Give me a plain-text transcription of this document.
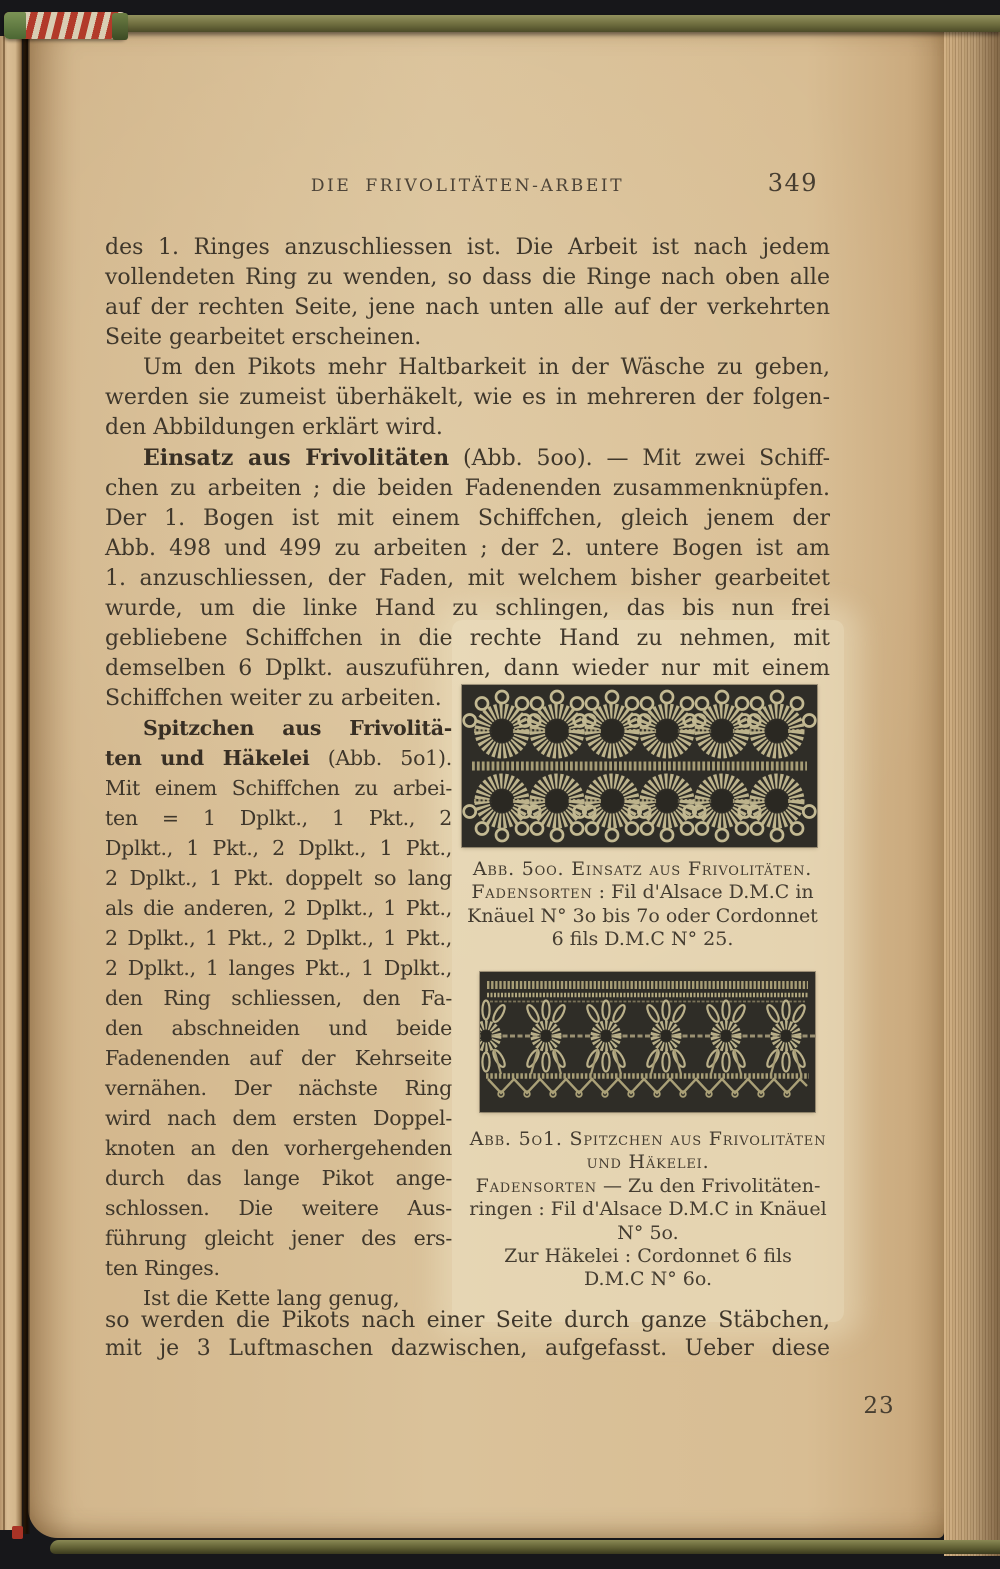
DIE FRIVOLITÄTEN-ARBEIT	349
des 1. Ringes anzuschliessen ist. Die Arbeit ist nach jedem
vollendeten Ring zu wenden, so dass die Ringe nach oben alle
auf der rechten Seite, jene nach unten alle auf der verkehrten
Seite gearbeitet erscheinen.
Um den Pikots mehr Haltbarkeit in der Wäsche zu geben,
werden sie zumeist überhäkelt, wie es in mehreren der folgen-
den Abbildungen erklärt wird.
Einsatz aus Frivolitäten (Abb. 5oo). — Mit zwei Schiff-
chen zu arbeiten ; die beiden Fadenenden zusammenknüpfen.
Der 1. Bogen ist mit einem Schiffchen, gleich jenem der
Abb. 498 und 499 zu arbeiten ; der 2. untere Bogen ist am
1. anzuschliessen, der Faden, mit welchem bisher gearbeitet
wurde, um die linke Hand zu schlingen, das bis nun frei
gebliebene Schiffchen in die rechte Hand zu nehmen, mit
demselben 6 Dplkt. auszuführen, dann wieder nur mit einem
Schiffchen weiter zu arbeiten.
Spitzchen aus Frivolitä-
ten und Häkelei (Abb. 5o1).
Mit einem Schiffchen zu arbei-
ten = 1 Dplkt., 1 Pkt., 2
Dplkt., 1 Pkt., 2 Dplkt., 1 Pkt.,
2 Dplkt., 1 Pkt. doppelt so lang
als die anderen, 2 Dplkt., 1 Pkt.,
2 Dplkt., 1 Pkt., 2 Dplkt., 1 Pkt.,
2 Dplkt., 1 langes Pkt., 1 Dplkt.,
den Ring schliessen, den Fa-
den abschneiden und beide
Fadenenden auf der Kehrseite
vernähen. Der nächste Ring
wird nach dem ersten Doppel-
knoten an den vorhergehenden
durch das lange Pikot ange-
schlossen. Die weitere Aus-
führung gleicht jener des ers-
ten Ringes.
Ist die Kette lang genug,
so werden die Pikots nach einer Seite durch ganze Stäbchen,
mit je 3 Luftmaschen dazwischen, aufgefasst. Ueber diese
23
Abb. 5oo. Einsatz aus Frivolitäten.
Fadensorten : Fil d'Alsace D.M.C in
Knäuel N° 3o bis 7o oder Cordonnet
6 fils D.M.C N° 25.
Abb. 5o1. Spitzchen aus Frivolitäten
und Häkelei.
Fadensorten — Zu den Frivolitäten-
ringen : Fil d'Alsace D.M.C in Knäuel
N° 5o.
Zur Häkelei : Cordonnet 6 fils
D.M.C N° 6o.
